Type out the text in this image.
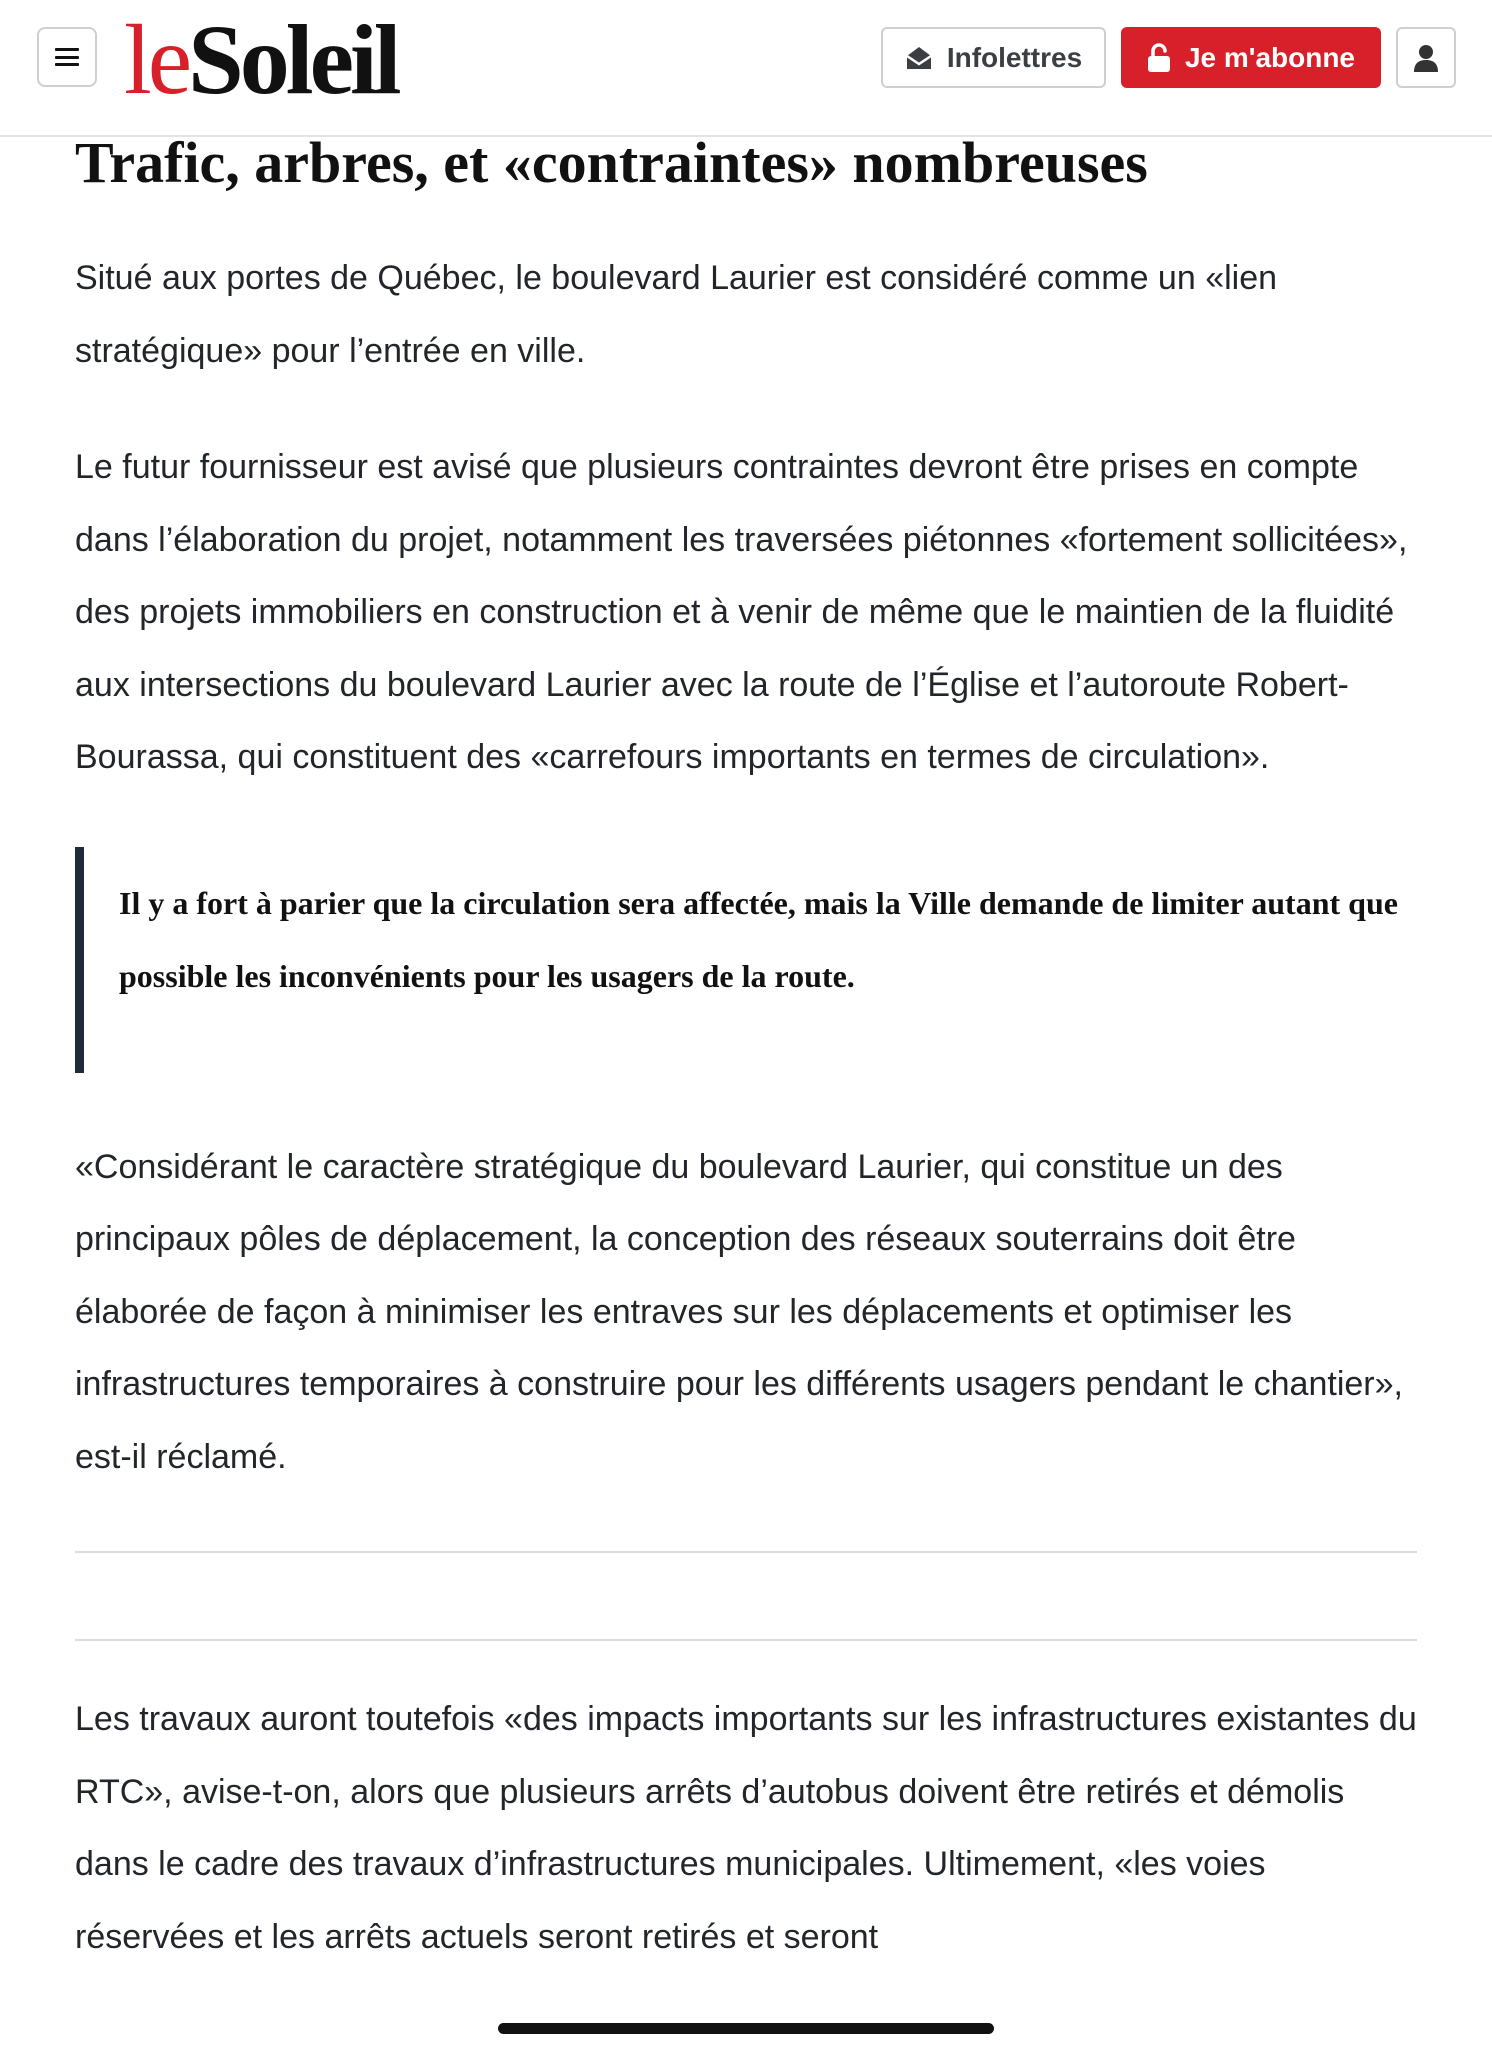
leSoleil	Infolettres	Je m'abonne
Trafic, arbres, et «contraintes» nombreuses

Situé aux portes de Québec, le boulevard Laurier est considéré comme un «lien stratégique» pour l’entrée en ville.

Le futur fournisseur est avisé que plusieurs contraintes devront être prises en compte dans l’élaboration du projet, notamment les traversées piétonnes «fortement sollicitées», des projets immobiliers en construction et à venir de même que le maintien de la fluidité aux intersections du boulevard Laurier avec la route de l’Église et l’autoroute Robert-Bourassa, qui constituent des «carrefours importants en termes de circulation».

Il y a fort à parier que la circulation sera affectée, mais la Ville demande de limiter autant que possible les inconvénients pour les usagers de la route.

«Considérant le caractère stratégique du boulevard Laurier, qui constitue un des principaux pôles de déplacement, la conception des réseaux souterrains doit être élaborée de façon à minimiser les entraves sur les déplacements et optimiser les infrastructures temporaires à construire pour les différents usagers pendant le chantier», est-il réclamé.

Les travaux auront toutefois «des impacts importants sur les infrastructures existantes du RTC», avise-t-on, alors que plusieurs arrêts d’autobus doivent être retirés et démolis dans le cadre des travaux d’infrastructures municipales. Ultimement, «les voies réservées et les arrêts actuels seront retirés et seront
